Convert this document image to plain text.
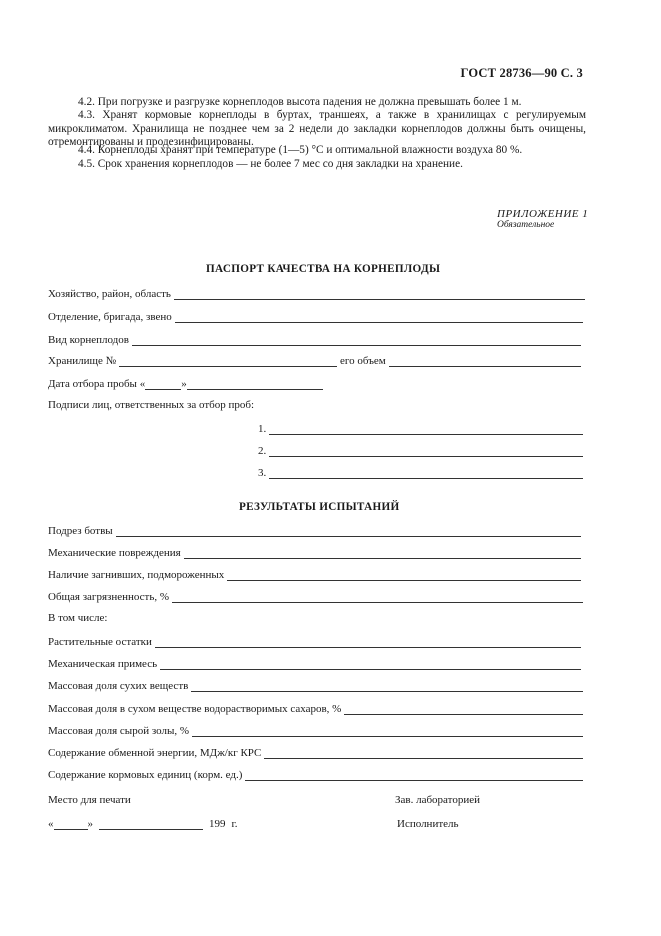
ГОСТ 28736—90 С. 3
4.2. При погрузке и разгрузке корнеплодов высота падения не должна превышать более 1 м.
4.3. Хранят кормовые корнеплоды в буртах, траншеях, а также в хранилищах с регулируемым микроклиматом. Хранилища не позднее чем за 2 недели до закладки корнеплодов должны быть очищены, отремонтированы и продезинфицированы.
4.4. Корнеплоды хранят при температуре (1—5) °С и оптимальной влажности воздуха 80 %.
4.5. Срок хранения корнеплодов — не более 7 мес со дня закладки на хранение.
ПРИЛОЖЕНИЕ 1
Обязательное
ПАСПОРТ КАЧЕСТВА НА КОРНЕПЛОДЫ
Хозяйство, район, область
Отделение, бригада, звено
Вид корнеплодов
Хранилище №	его объем
Дата отбора пробы «	»
Подписи лиц, ответственных за отбор проб:
1.
2.
3.
РЕЗУЛЬТАТЫ ИСПЫТАНИЙ
Подрез ботвы
Механические повреждения
Наличие загнивших, подмороженных
Общая загрязненность, %
В том числе:
Растительные остатки
Механическая примесь
Массовая доля сухих веществ
Массовая доля в сухом веществе водорастворимых сахаров, %
Массовая доля сырой золы, %
Содержание обменной энергии, МДж/кг КРС
Содержание кормовых единиц (корм. ед.)
Место для печати	Зав. лабораторией
«	»	199 г.	Исполнитель
